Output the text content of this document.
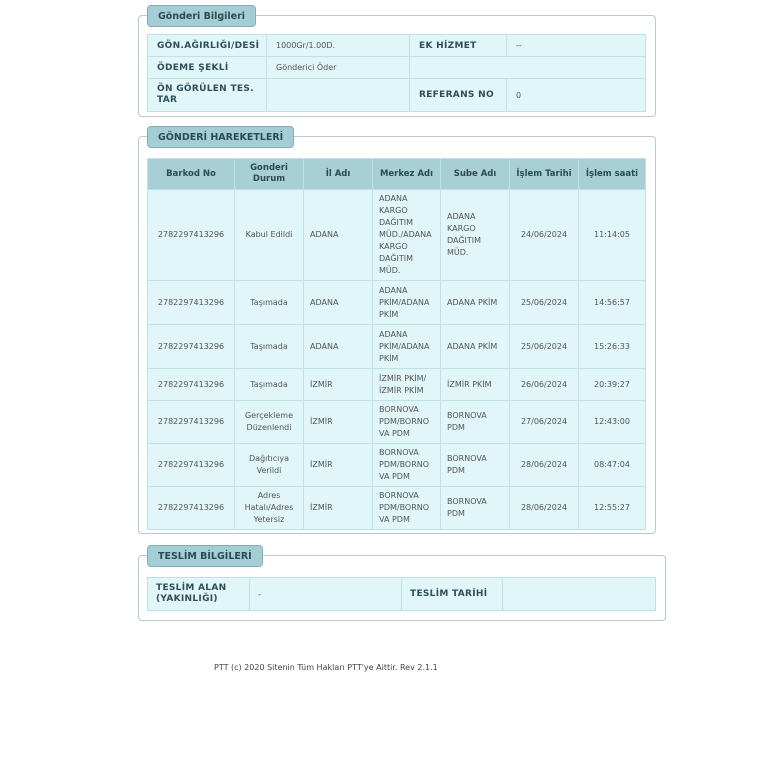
Gönderi Bilgileri
GÖN.AĞIRLIĞI/DESİ	1000Gr/1.00D.	EK HİZMET	--
ÖDEME ŞEKLİ	Gönderici Öder		
ÖN GÖRÜLEN TES. TAR		REFERANS NO	0
GÖNDERİ HAREKETLERİ
Barkod No	Gonderi Durum	İl Adı	Merkez Adı	Sube Adı	İşlem Tarihi	İşlem saati
2782297413296	Kabul Edildi	ADANA	ADANA KARGO DAĞITIM MÜD./ADANA KARGO DAĞITIM MÜD.	ADANA KARGO DAĞITIM MÜD.	24/06/2024	11:14:05
2782297413296	Taşımada	ADANA	ADANA PKİM/ADANA PKİM	ADANA PKİM	25/06/2024	14:56:57
2782297413296	Taşımada	ADANA	ADANA PKİM/ADANA PKİM	ADANA PKİM	25/06/2024	15:26:33
2782297413296	Taşımada	İZMİR	İZMİR PKİM/ İZMİR PKİM	İZMİR PKİM	26/06/2024	20:39:27
2782297413296	Gerçekleme Düzenlendi	İZMİR	BORNOVA PDM/BORNOVA PDM	BORNOVA PDM	27/06/2024	12:43:00
2782297413296	Dağıtıcıya Verildi	İZMİR	BORNOVA PDM/BORNOVA PDM	BORNOVA PDM	28/06/2024	08:47:04
2782297413296	Adres Hatalı/Adres Yetersiz	İZMİR	BORNOVA PDM/BORNOVA PDM	BORNOVA PDM	28/06/2024	12:55:27
TESLİM BİLGİLERİ
TESLİM ALAN (YAKINLIĞI)	-	TESLİM TARİHİ	
PTT (c) 2020 Sitenin Tüm Hakları PTT'ye Aittir. Rev 2.1.1
